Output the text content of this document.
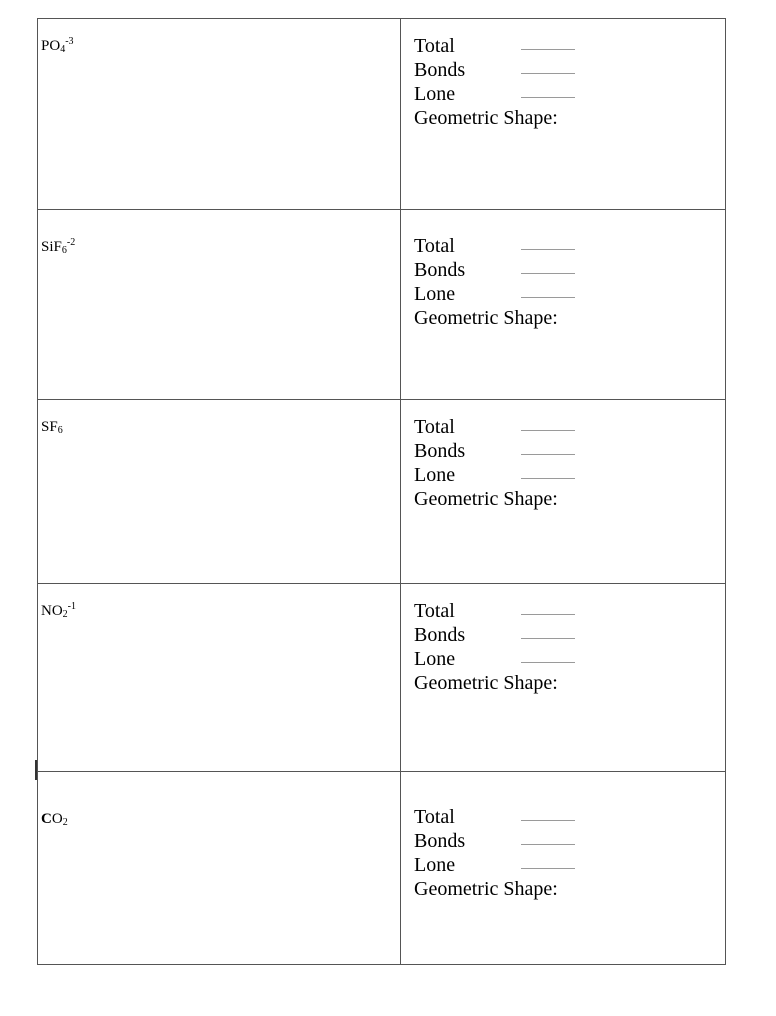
$PO_4^{-3}$	Total
Bonds
Lone
Geometric Shape:

SiF$_6^{-2}$	Total
Bonds
Lone
Geometric Shape:

$SF_6$	Total
Bonds
Lone
Geometric Shape:

$NO_2^{-1}$	Total
Bonds
Lone
Geometric Shape:

$CO_2$	Total
Bonds
Lone
Geometric Shape:
